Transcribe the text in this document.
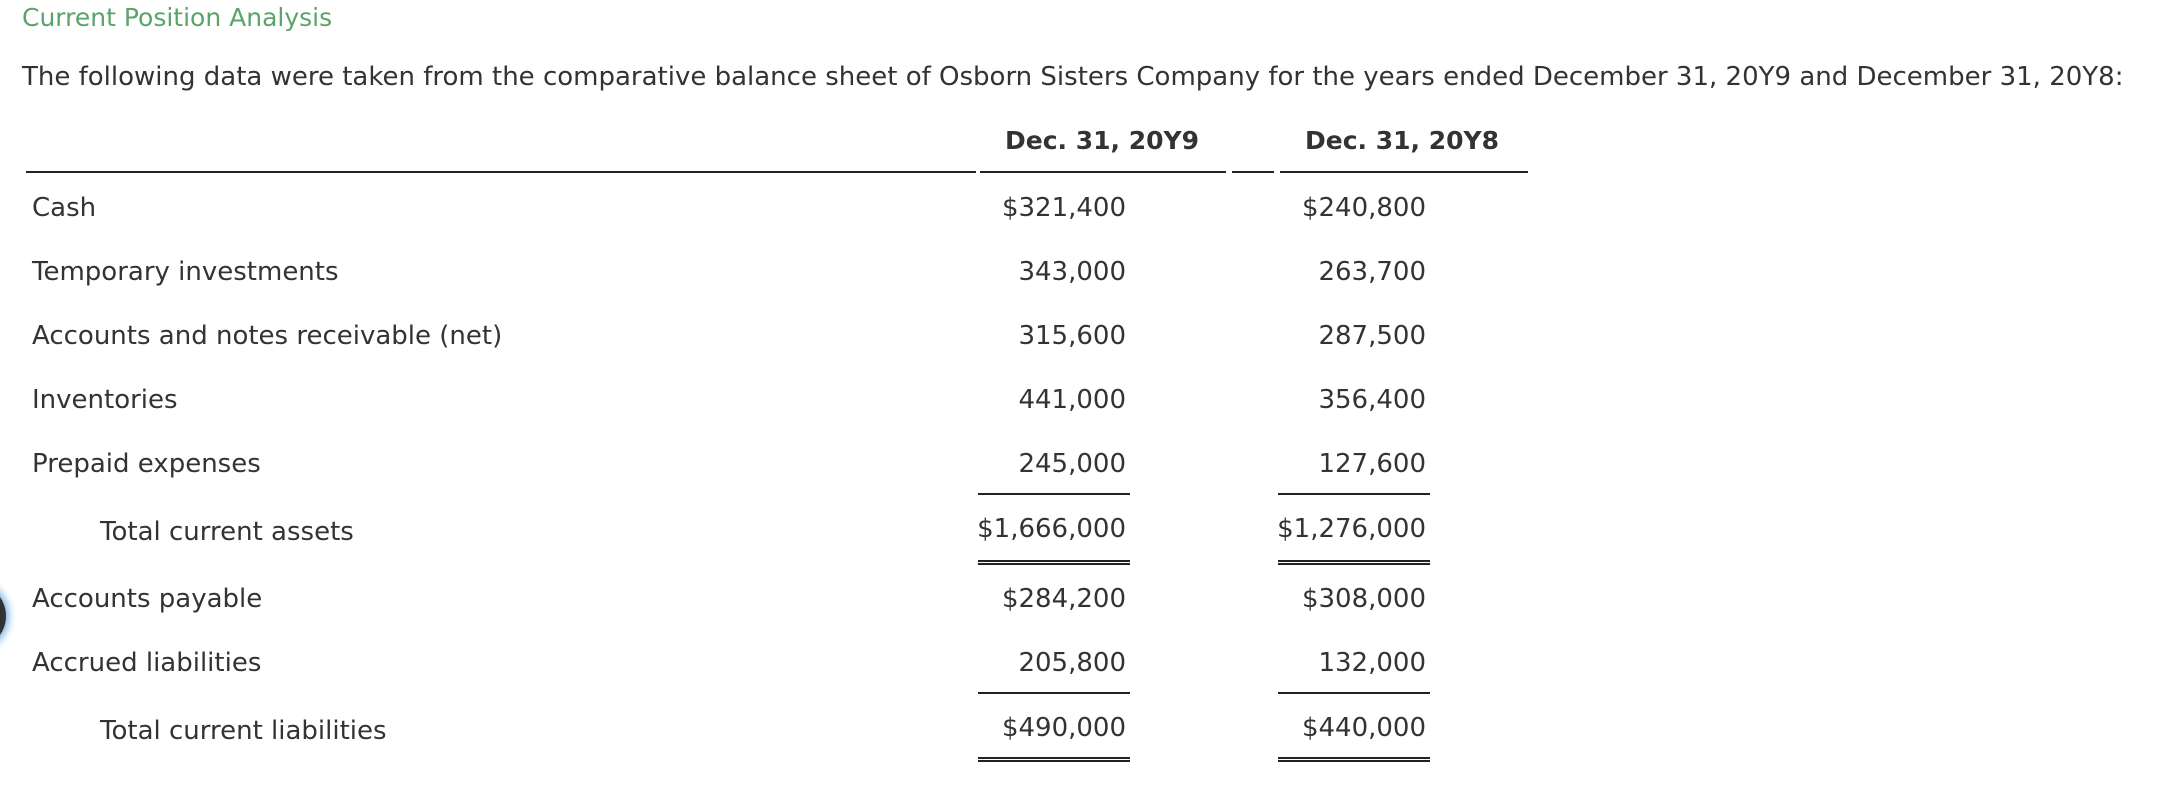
Current Position Analysis
The following data were taken from the comparative balance sheet of Osborn Sisters Company for the years ended December 31, 20Y9 and December 31, 20Y8:
Dec. 31, 20Y9	Dec. 31, 20Y8
Cash	$321,400	$240,800
Temporary investments	343,000	263,700
Accounts and notes receivable (net)	315,600	287,500
Inventories	441,000	356,400
Prepaid expenses	245,000	127,600
Total current assets	$1,666,000	$1,276,000
Accounts payable	$284,200	$308,000
Accrued liabilities	205,800	132,000
Total current liabilities	$490,000	$440,000
